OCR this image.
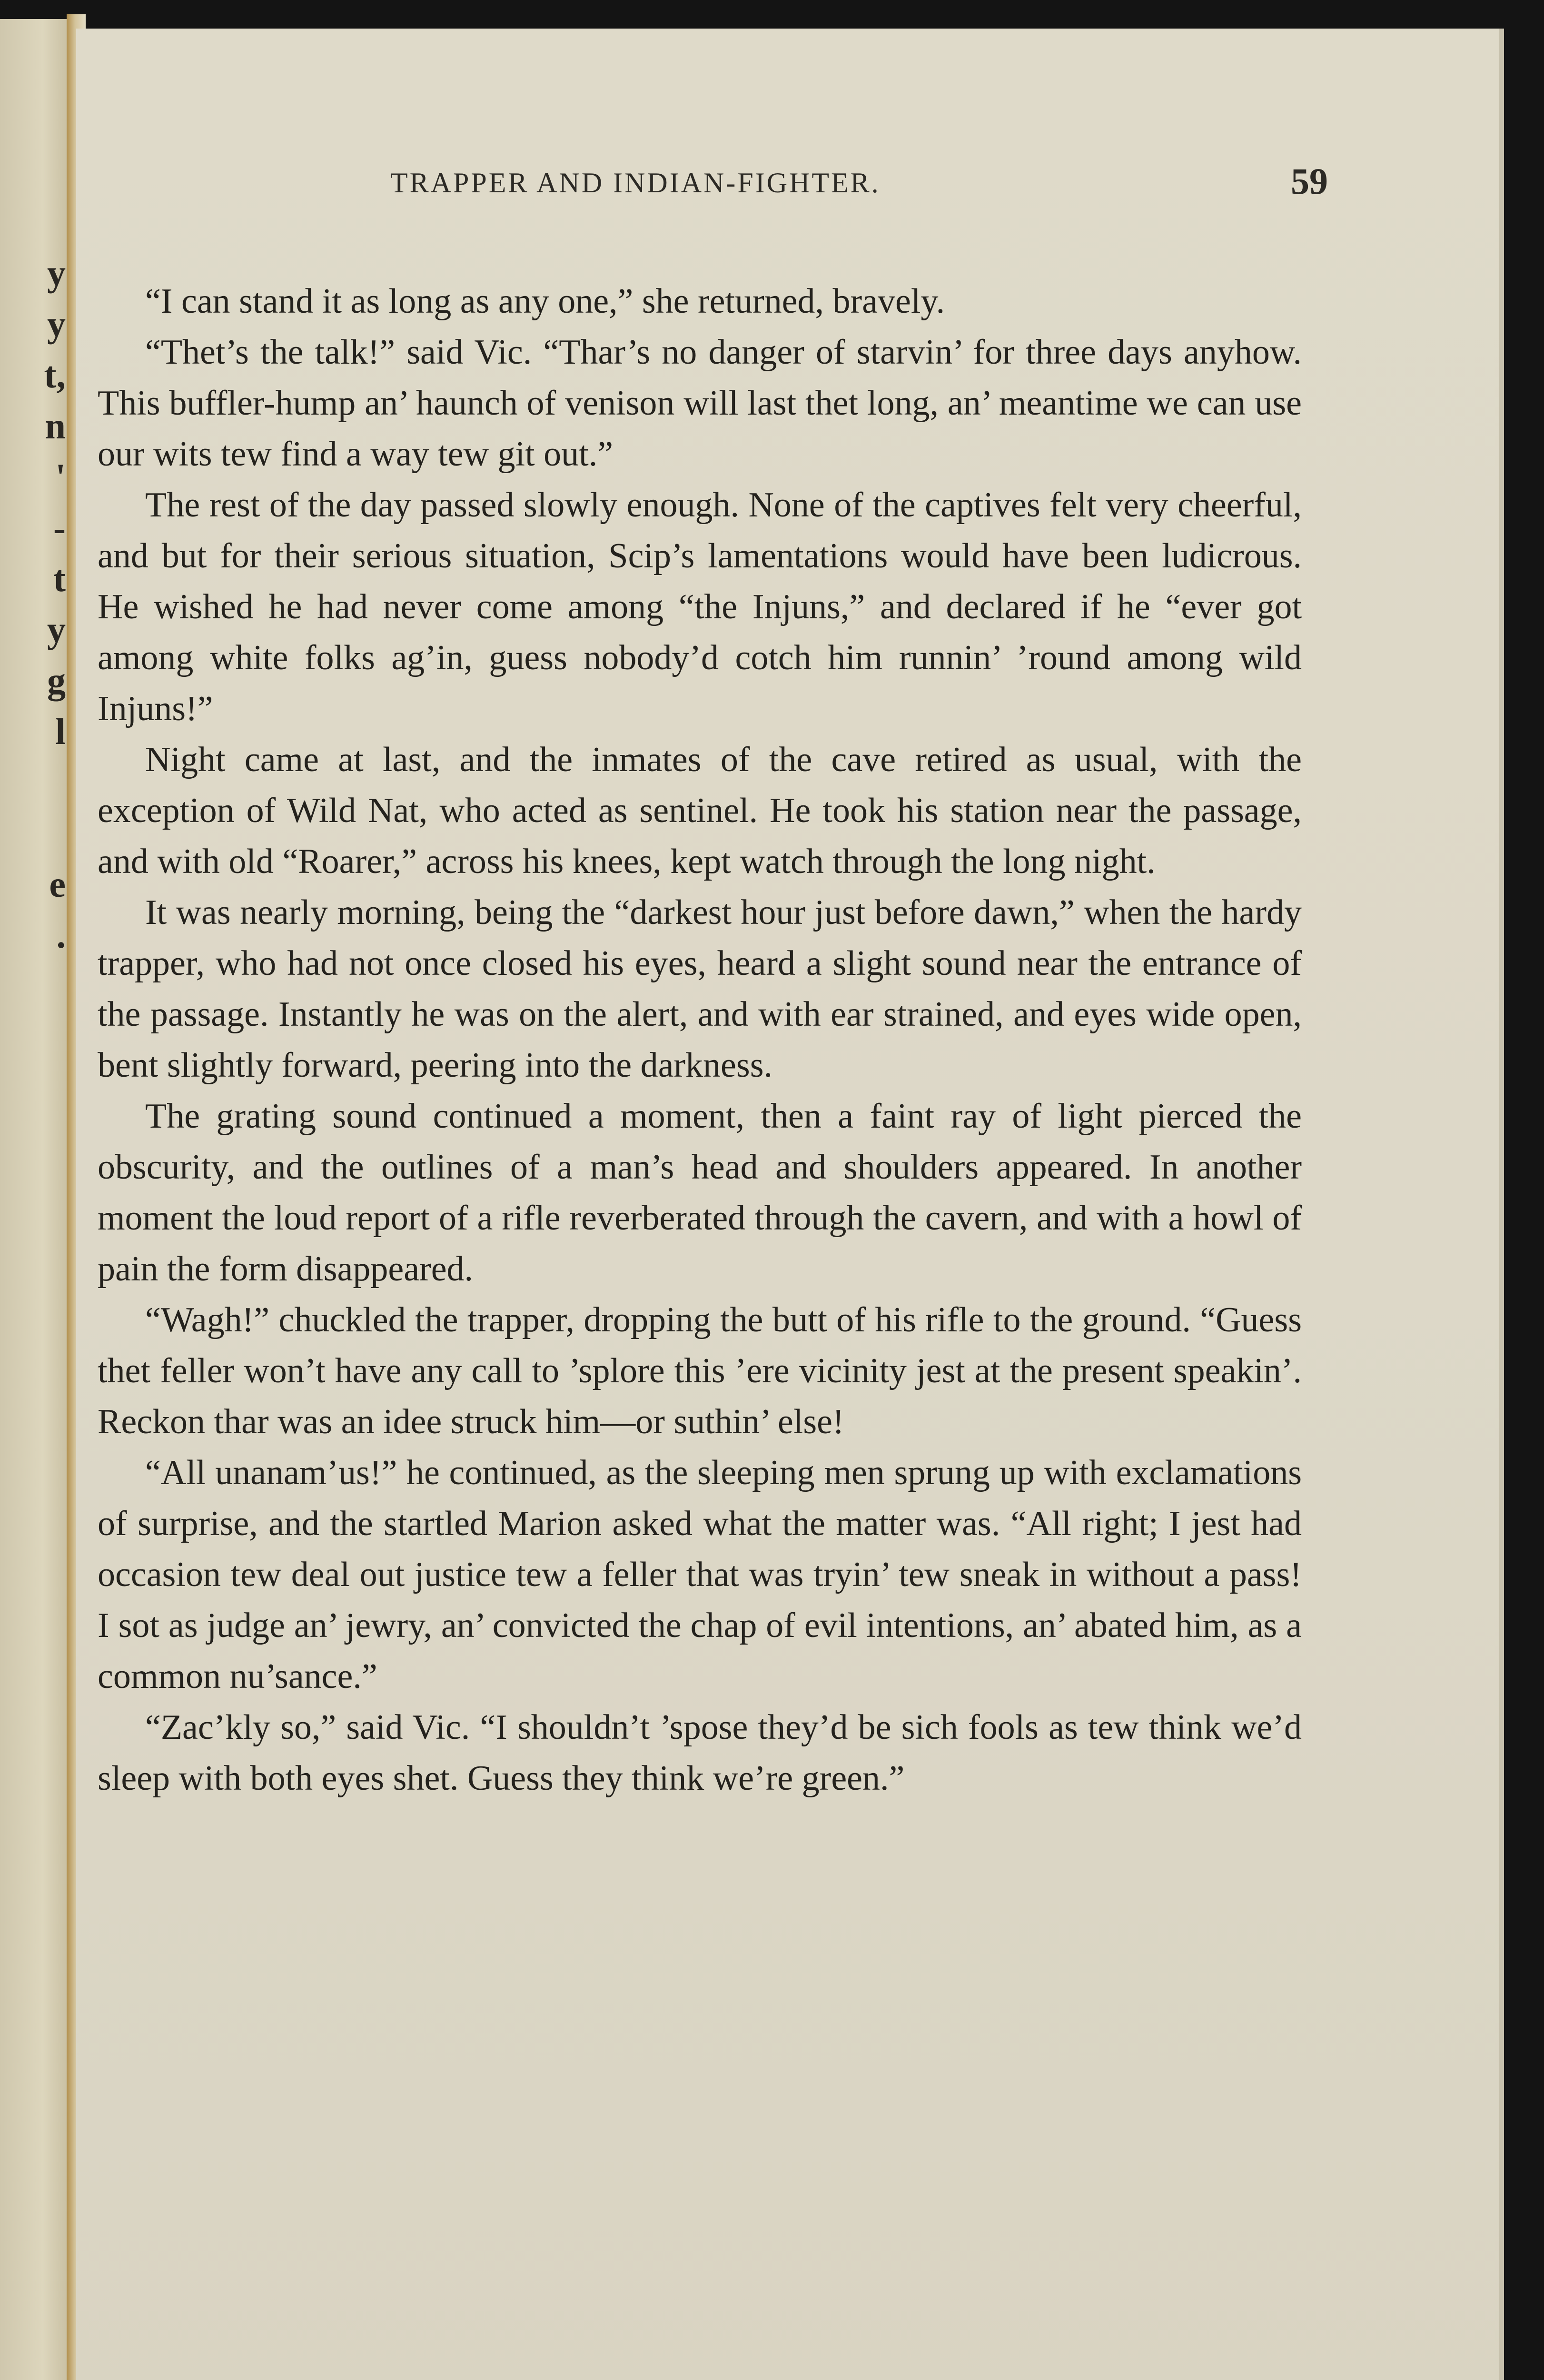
y
y
t,
n
'
-
t
y
g
l
e
.
TRAPPER AND INDIAN-FIGHTER.	59

“I can stand it as long as any one,” she returned, bravely.

“Thet’s the talk!” said Vic. “Thar’s no danger of starvin’ for three days anyhow. This buffler-hump an’ haunch of venison will last thet long, an’ meantime we can use our wits tew find a way tew git out.”

The rest of the day passed slowly enough. None of the captives felt very cheerful, and but for their serious situation, Scip’s lamentations would have been ludicrous. He wished he had never come among “the Injuns,” and declared if he “ever got among white folks ag’in, guess nobody’d cotch him runnin’ ’round among wild Injuns!”

Night came at last, and the inmates of the cave retired as usual, with the exception of Wild Nat, who acted as sentinel. He took his station near the passage, and with old “Roarer,” across his knees, kept watch through the long night.

It was nearly morning, being the “darkest hour just before dawn,” when the hardy trapper, who had not once closed his eyes, heard a slight sound near the entrance of the passage. Instantly he was on the alert, and with ear strained, and eyes wide open, bent slightly forward, peering into the darkness.

The grating sound continued a moment, then a faint ray of light pierced the obscurity, and the outlines of a man’s head and shoulders appeared. In another moment the loud report of a rifle reverberated through the cavern, and with a howl of pain the form disappeared.

“Wagh!” chuckled the trapper, dropping the butt of his rifle to the ground. “Guess thet feller won’t have any call to ’splore this ’ere vicinity jest at the present speakin’. Reckon thar was an idee struck him—or suthin’ else!

“All unanam’us!” he continued, as the sleeping men sprung up with exclamations of surprise, and the startled Marion asked what the matter was. “All right; I jest had occasion tew deal out justice tew a feller that was tryin’ tew sneak in without a pass! I sot as judge an’ jewry, an’ convicted the chap of evil intentions, an’ abated him, as a common nu’sance.”

“Zac’kly so,” said Vic. “I shouldn’t ’spose they’d be sich fools as tew think we’d sleep with both eyes shet. Guess they think we’re green.”
